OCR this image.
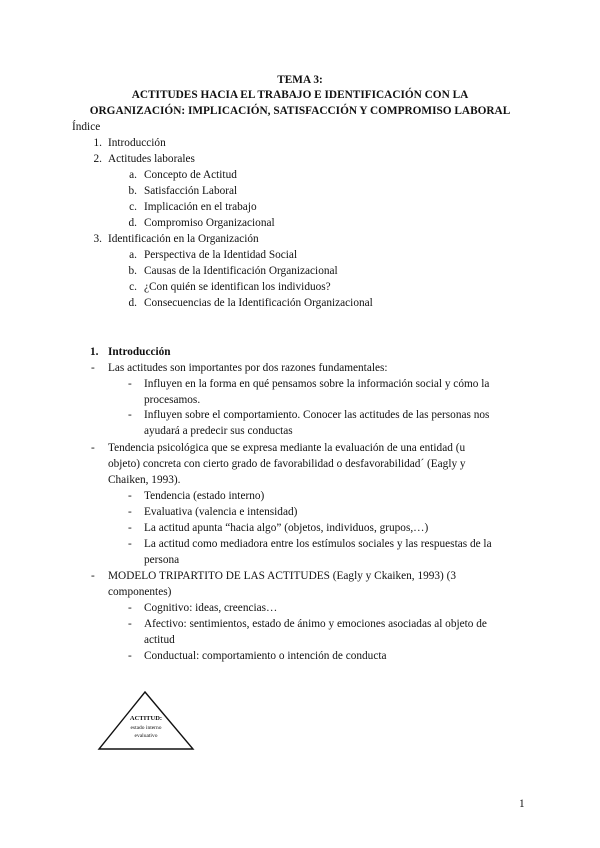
TEMA 3:
ACTITUDES HACIA EL TRABAJO E IDENTIFICACIÓN CON LA
ORGANIZACIÓN: IMPLICACIÓN, SATISFACCIÓN Y COMPROMISO LABORAL
Índice
1. Introducción
2. Actitudes laborales
a. Concepto de Actitud
b. Satisfacción Laboral
c. Implicación en el trabajo
d. Compromiso Organizacional
3. Identificación en la Organización
a. Perspectiva de la Identidad Social
b. Causas de la Identificación Organizacional
c. ¿Con quién se identifican los individuos?
d. Consecuencias de la Identificación Organizacional
1. Introducción
- Las actitudes son importantes por dos razones fundamentales:
- Influyen en la forma en qué pensamos sobre la información social y cómo la
procesamos.
- Influyen sobre el comportamiento. Conocer las actitudes de las personas nos
ayudará a predecir sus conductas
- Tendencia psicológica que se expresa mediante la evaluación de una entidad (u
objeto) concreta con cierto grado de favorabilidad o desfavorabilidad´ (Eagly y
Chaiken, 1993).
- Tendencia (estado interno)
- Evaluativa (valencia e intensidad)
- La actitud apunta “hacia algo” (objetos, individuos, grupos,…)
- La actitud como mediadora entre los estímulos sociales y las respuestas de la
persona
- MODELO TRIPARTITO DE LAS ACTITUDES (Eagly y Ckaiken, 1993) (3
componentes)
- Cognitivo: ideas, creencias…
- Afectivo: sentimientos, estado de ánimo y emociones asociadas al objeto de
actitud
- Conductual: comportamiento o intención de conducta
ACTITUD:
estado interno
evaluativo
1
